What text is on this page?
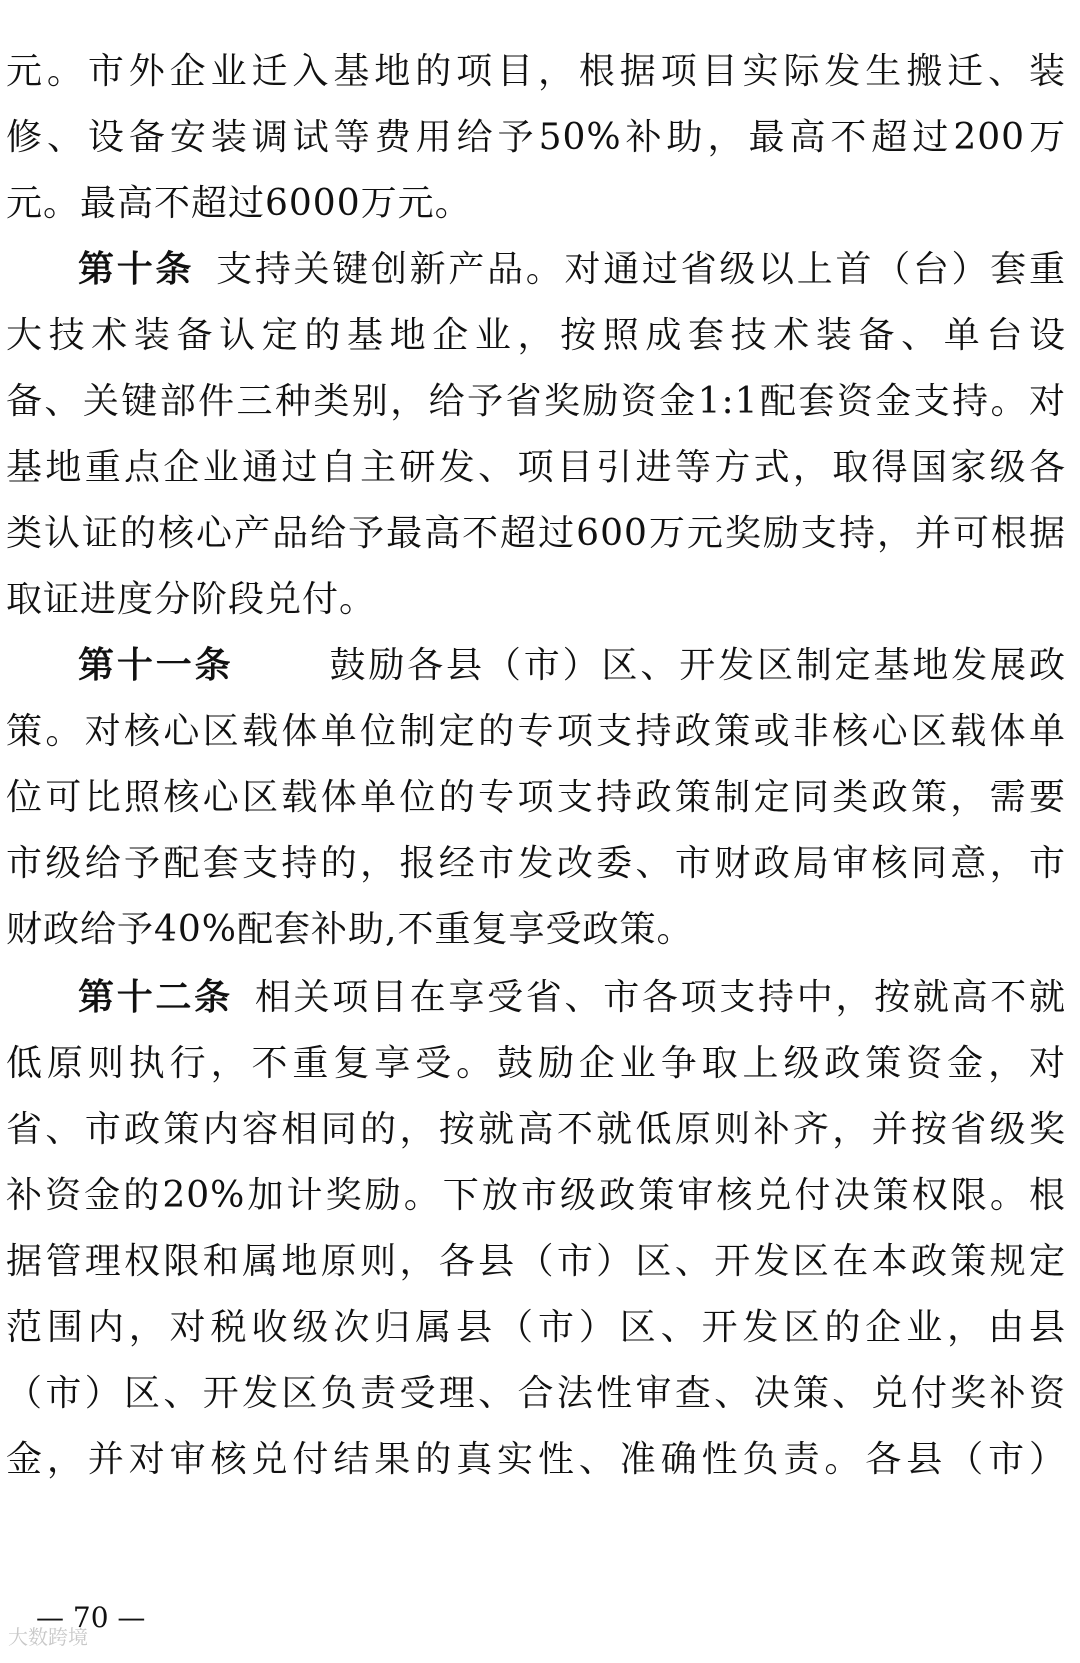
元。市外企业迁入基地的项目，根据项目实际发生搬迁、装
修、设备安装调试等费用给予50%补助，最高不超过200万
元。最高不超过6000万元。
第十条 支持关键创新产品。对通过省级以上首（台）套重
大技术装备认定的基地企业，按照成套技术装备、单台设
备、关键部件三种类别，给予省奖励资金1:1配套资金支持。对
基地重点企业通过自主研发、项目引进等方式，取得国家级各
类认证的核心产品给予最高不超过600万元奖励支持，并可根据
取证进度分阶段兑付。
第十一条	鼓励各县（市）区、开发区制定基地发展政
策。对核心区载体单位制定的专项支持政策或非核心区载体单
位可比照核心区载体单位的专项支持政策制定同类政策，需要
市级给予配套支持的，报经市发改委、市财政局审核同意，市
财政给予40%配套补助,不重复享受政策。
第十二条 相关项目在享受省、市各项支持中，按就高不就
低原则执行，不重复享受。鼓励企业争取上级政策资金，对
省、市政策内容相同的，按就高不就低原则补齐，并按省级奖
补资金的20%加计奖励。下放市级政策审核兑付决策权限。根
据管理权限和属地原则，各县（市）区、开发区在本政策规定
范围内，对税收级次归属县（市）区、开发区的企业，由县
（市）区、开发区负责受理、合法性审查、决策、兑付奖补资
金，并对审核兑付结果的真实性、准确性负责。各县（市）
— 70 —
大数跨境
